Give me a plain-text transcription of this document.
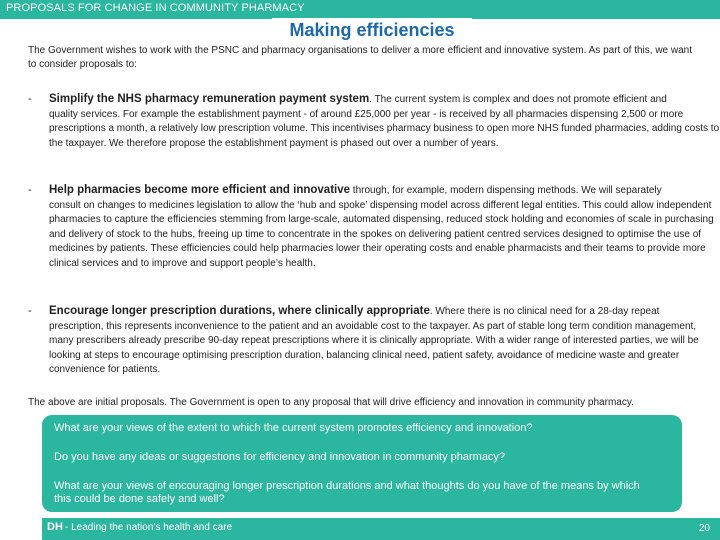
PROPOSALS FOR CHANGE IN COMMUNITY PHARMACY
Making efficiencies
The Government wishes to work with the PSNC and pharmacy organisations to deliver a more efficient and innovative system. As part of this, we want to consider proposals to:
- Simplify the NHS pharmacy remuneration payment system. The current system is complex and does not promote efficient and
quality services. For example the establishment payment - of around £25,000 per year - is received by all pharmacies dispensing 2,500 or more prescriptions a month, a relatively low prescription volume. This incentivises pharmacy business to open more NHS funded pharmacies, adding costs to the taxpayer. We therefore propose the establishment payment is phased out over a number of years.
- Help pharmacies become more efficient and innovative through, for example, modern dispensing methods. We will separately
consult on changes to medicines legislation to allow the ‘hub and spoke’ dispensing model across different legal entities. This could allow independent pharmacies to capture the efficiencies stemming from large-scale, automated dispensing, reduced stock holding and economies of scale in purchasing and delivery of stock to the hubs, freeing up time to concentrate in the spokes on delivering patient centred services designed to optimise the use of medicines by patients. These efficiencies could help pharmacies lower their operating costs and enable pharmacists and their teams to provide more clinical services and to improve and support people’s health.
- Encourage longer prescription durations, where clinically appropriate. Where there is no clinical need for a 28-day repeat
prescription, this represents inconvenience to the patient and an avoidable cost to the taxpayer. As part of stable long term condition management, many prescribers already prescribe 90-day repeat prescriptions where it is clinically appropriate. With a wider range of interested parties, we will be looking at steps to encourage optimising prescription duration, balancing clinical need, patient safety, avoidance of medicine waste and greater convenience for patients.
The above are initial proposals. The Government is open to any proposal that will drive efficiency and innovation in community pharmacy.
What are your views of the extent to which the current system promotes efficiency and innovation?
Do you have any ideas or suggestions for efficiency and innovation in community pharmacy?
What are your views of encouraging longer prescription durations and what thoughts do you have of the means by which
this could be done safely and well?
DH - Leading the nation’s health and care	20
